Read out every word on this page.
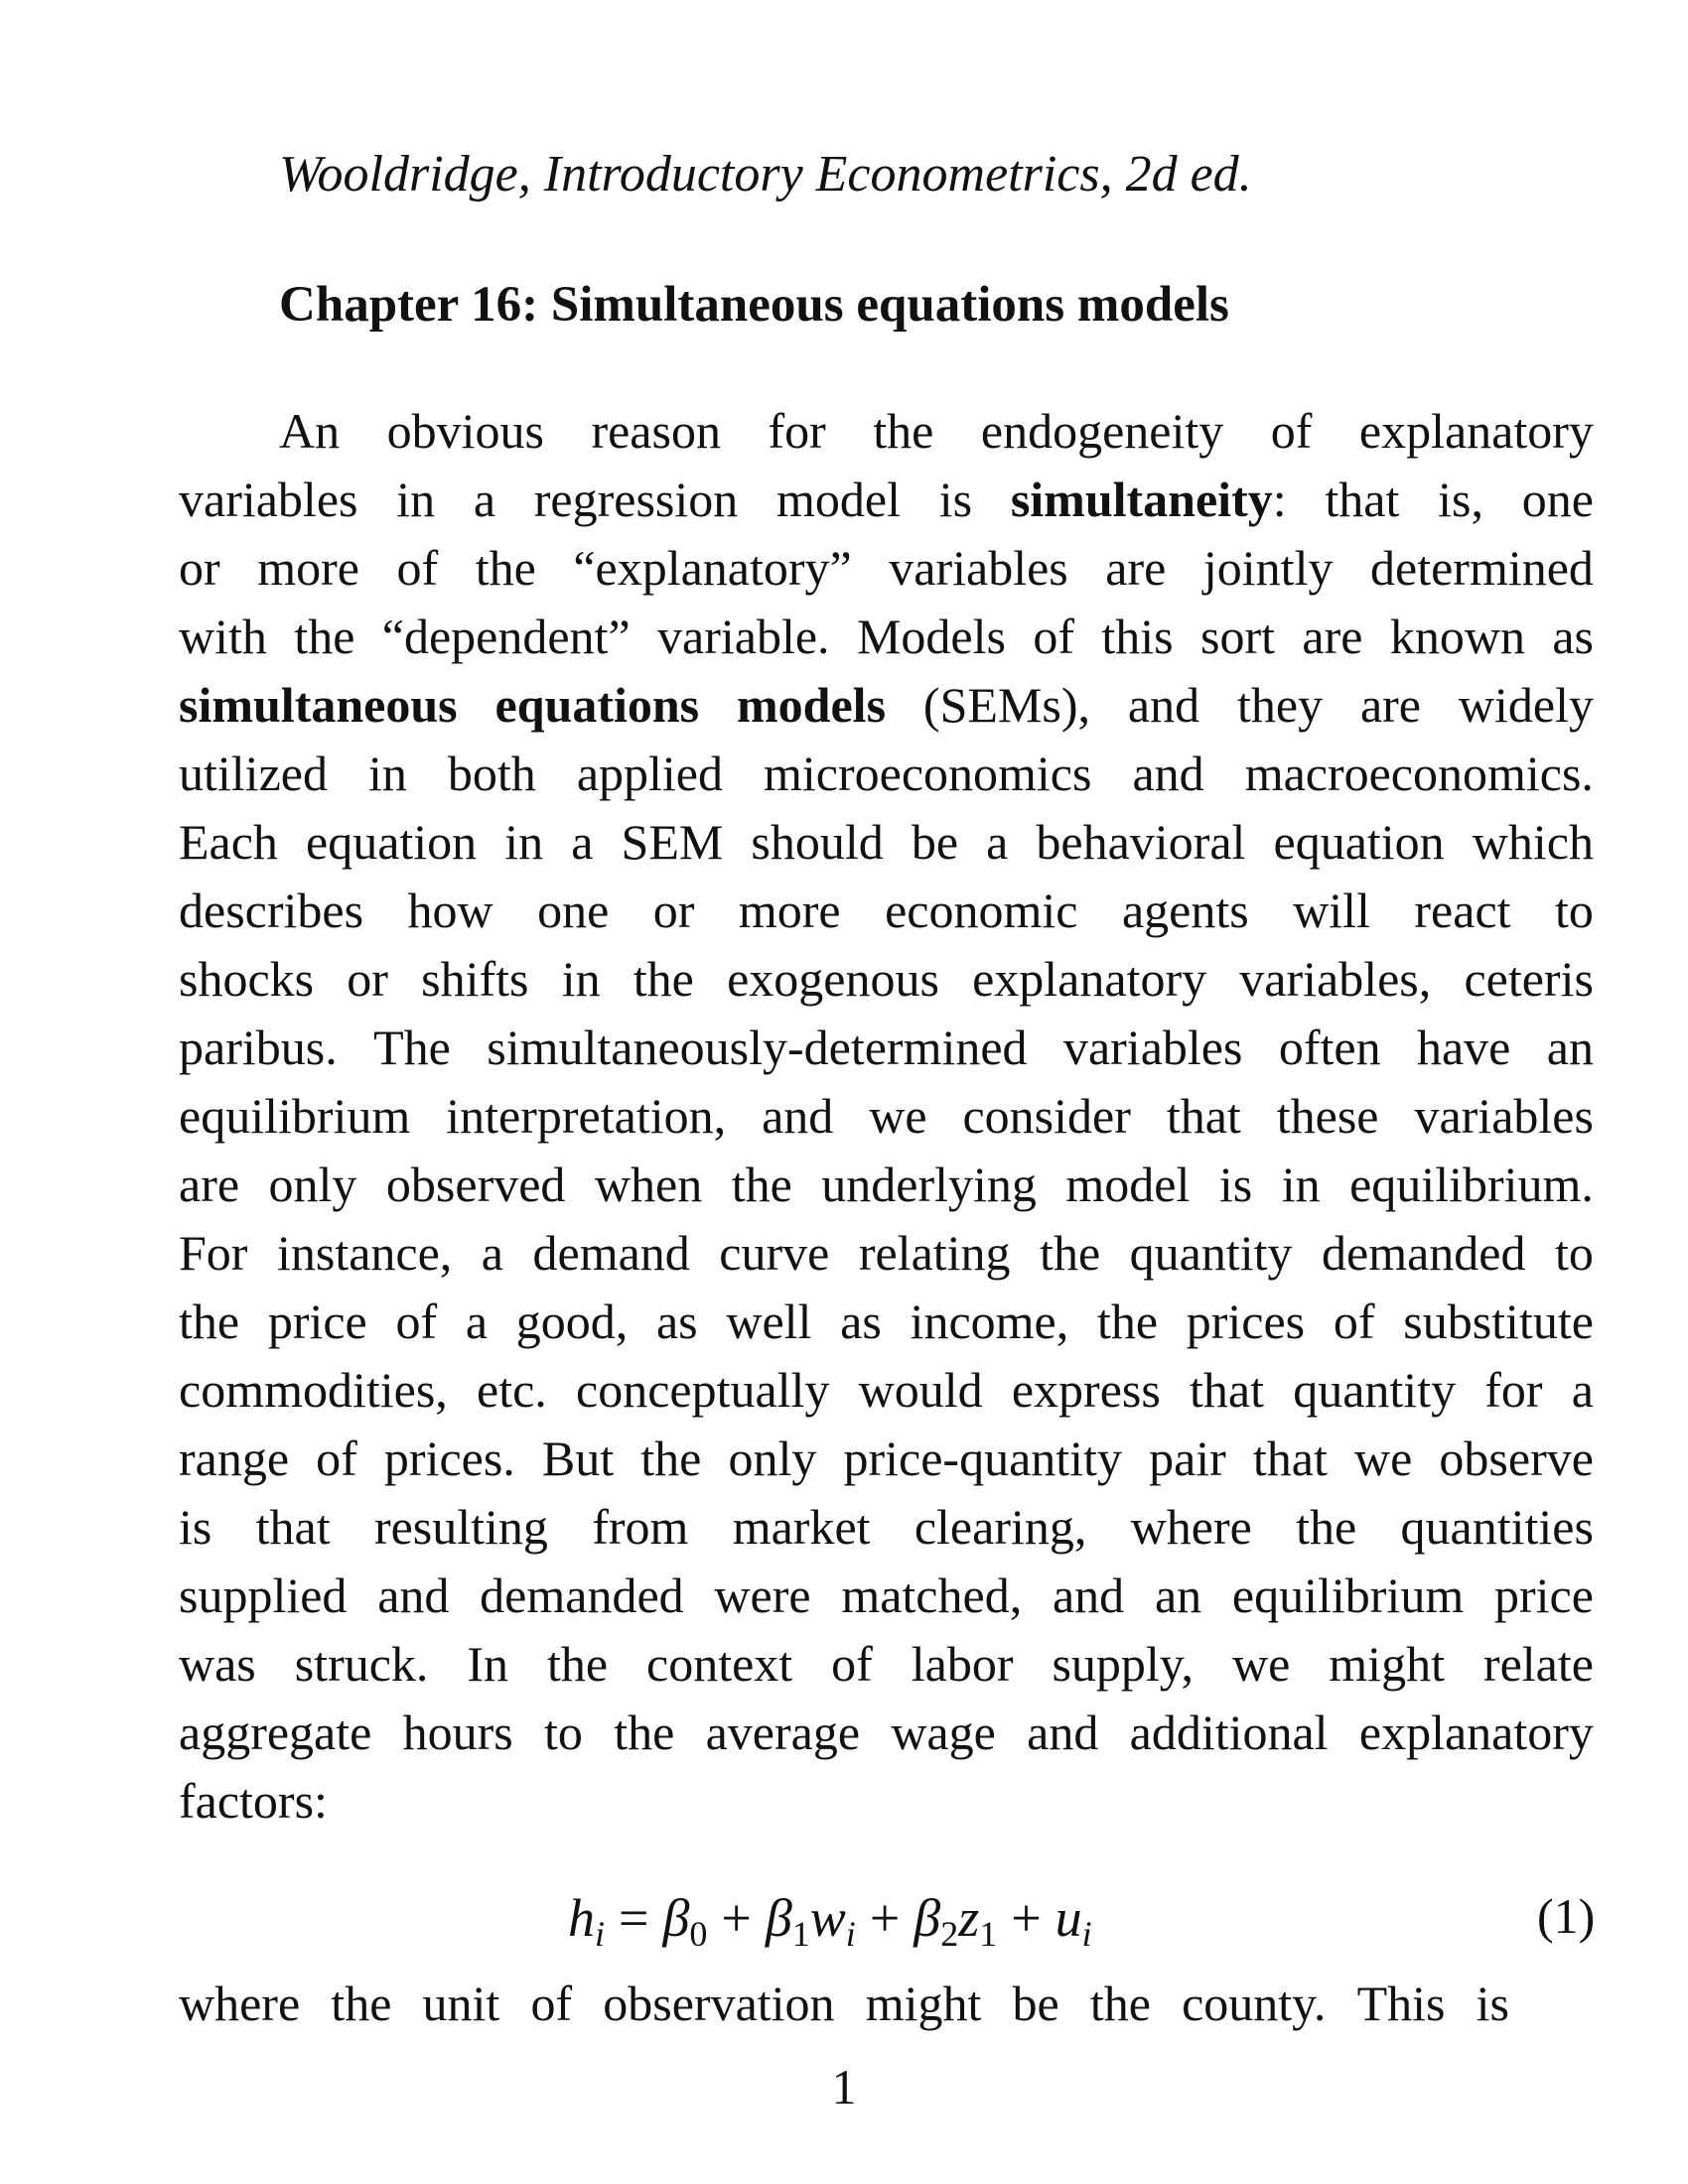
Wooldridge, Introductory Econometrics, 2d ed.
Chapter 16: Simultaneous equations models
An obvious reason for the endogeneity of explanatory
variables in a regression model is simultaneity: that is, one
or more of the “explanatory” variables are jointly determined
with the “dependent” variable. Models of this sort are known as
simultaneous equations models (SEMs), and they are widely
utilized in both applied microeconomics and macroeconomics.
Each equation in a SEM should be a behavioral equation which
describes how one or more economic agents will react to
shocks or shifts in the exogenous explanatory variables, ceteris
paribus. The simultaneously-determined variables often have an
equilibrium interpretation, and we consider that these variables
are only observed when the underlying model is in equilibrium.
For instance, a demand curve relating the quantity demanded to
the price of a good, as well as income, the prices of substitute
commodities, etc. conceptually would express that quantity for a
range of prices. But the only price-quantity pair that we observe
is that resulting from market clearing, where the quantities
supplied and demanded were matched, and an equilibrium price
was struck. In the context of labor supply, we might relate
aggregate hours to the average wage and additional explanatory
factors:
$h_i = \beta_0 + \beta_1w_i + \beta_2z_1 + u_i$	(1)
where the unit of observation might be the county. This is
1
